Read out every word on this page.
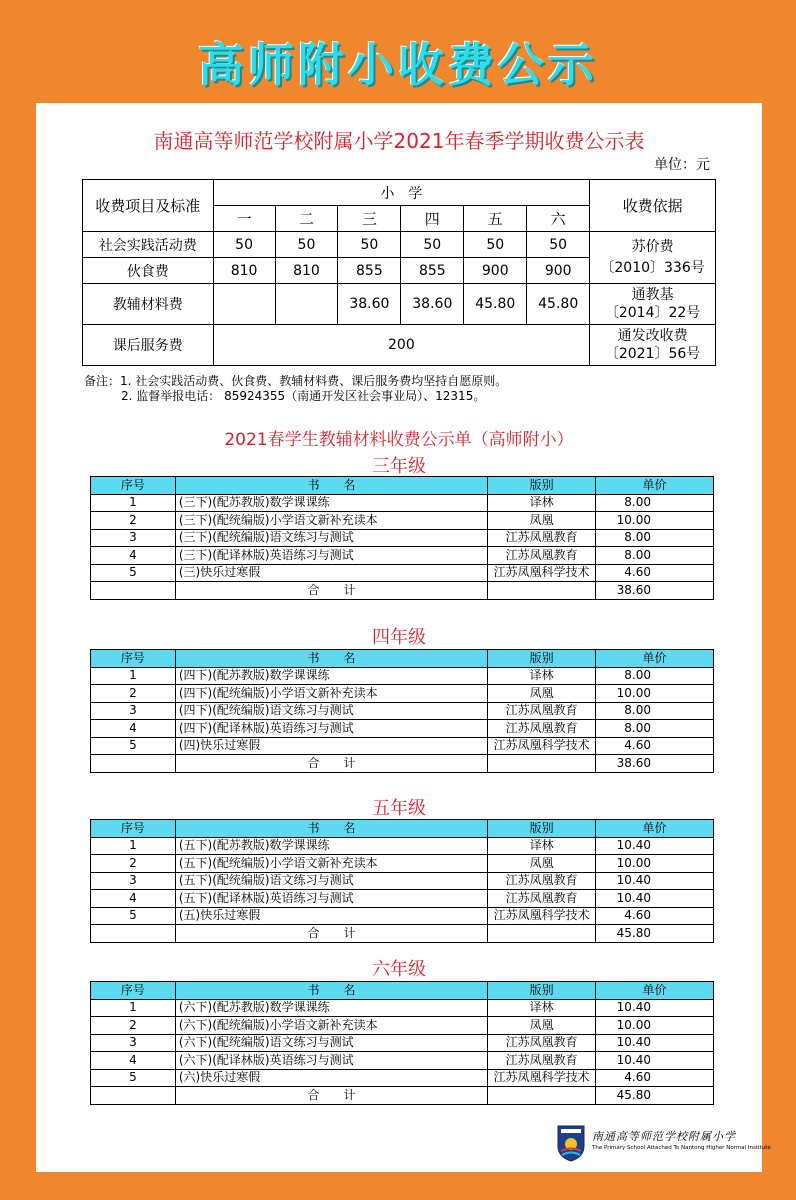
高师附小收费公示
南通高等师范学校附属小学2021年春季学期收费公示表
单位：元
收费项目及标准	小　学						收费依据
	一	二	三	四	五	六	
社会实践活动费	50	50	50	50	50	50	苏价费
〔2010〕336号

伙食费	810	810	855	855	900	900	
教辅材料费			38.60	38.60	45.80	45.80	通教基
〔2014〕22号

课后服务费	200						通发改收费
〔2021〕56号
备注：1. 社会实践活动费、伙食费、教辅材料费、课后服务费均坚持自愿原则。
2. 监督举报电话： 85924355（南通开发区社会事业局）、12315。
2021春学生教辅材料收费公示单（高师附小）
三年级
序号	书　　名	版别	单价
1	(三下)(配苏教版)数学课课练	译林	8.00
2	(三下)(配统编版)小学语文新补充读本	凤凰	10.00
3	(三下)(配统编版)语文练习与测试	江苏凤凰教育	8.00
4	(三下)(配译林版)英语练习与测试	江苏凤凰教育	8.00
5	(三)快乐过寒假	江苏凤凰科学技术	4.60
	合　　计		38.60
四年级
序号	书　　名	版别	单价
1	(四下)(配苏教版)数学课课练	译林	8.00
2	(四下)(配统编版)小学语文新补充读本	凤凰	10.00
3	(四下)(配统编版)语文练习与测试	江苏凤凰教育	8.00
4	(四下)(配译林版)英语练习与测试	江苏凤凰教育	8.00
5	(四)快乐过寒假	江苏凤凰科学技术	4.60
	合　　计		38.60
五年级
序号	书　　名	版别	单价
1	(五下)(配苏教版)数学课课练	译林	10.40
2	(五下)(配统编版)小学语文新补充读本	凤凰	10.00
3	(五下)(配统编版)语文练习与测试	江苏凤凰教育	10.40
4	(五下)(配译林版)英语练习与测试	江苏凤凰教育	10.40
5	(五)快乐过寒假	江苏凤凰科学技术	4.60
	合　　计		45.80
六年级
序号	书　　名	版别	单价
1	(六下)(配苏教版)数学课课练	译林	10.40
2	(六下)(配统编版)小学语文新补充读本	凤凰	10.00
3	(六下)(配统编版)语文练习与测试	江苏凤凰教育	10.40
4	(六下)(配译林版)英语练习与测试	江苏凤凰教育	10.40
5	(六)快乐过寒假	江苏凤凰科学技术	4.60
	合　　计		45.80
南通高等师范学校附属小学
The Primary School Attached To Nantong Higher Normal Institute
